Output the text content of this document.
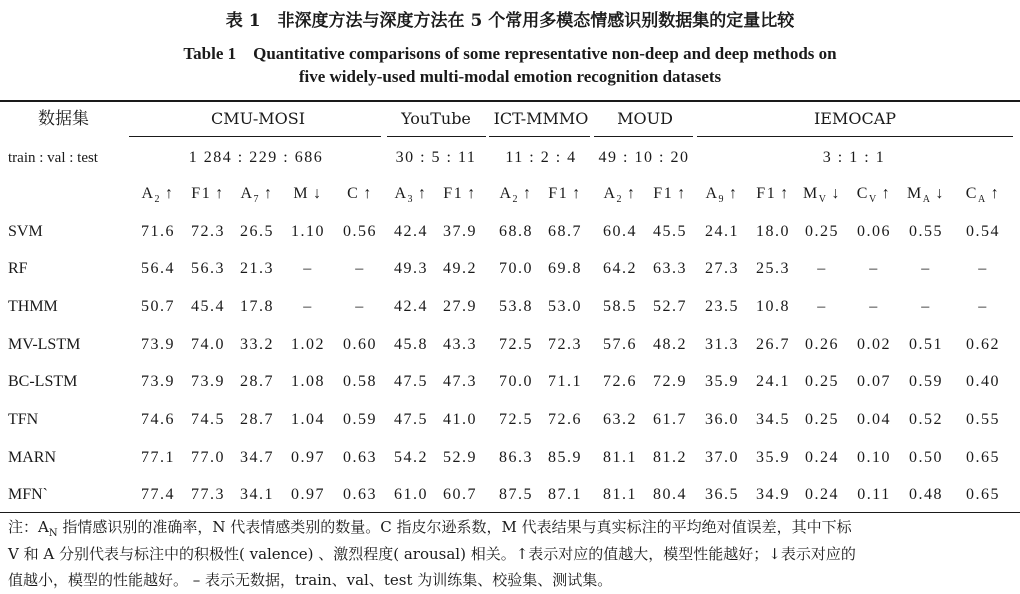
表 1　非深度方法与深度方法在 5 个常用多模态情感识别数据集的定量比较
Table 1　Quantitative comparisons of some representative non-deep and deep methods on
five widely-used multi-modal emotion recognition datasets
数据集	CMU-MOSI	YouTube ICT-MMMO MOUD	IEMOCAP
train : val : test	1 284 : 229 : 686	30 : 5 : 11 11 : 2 : 4 49 : 10 : 20	3 : 1 : 1
$A_2$ ↑ F1 ↑ $A_7$ ↑ M ↓ C ↑ $A_3$ ↑ F1 ↑ $A_2$ ↑ F1 ↑ $A_2$ ↑ F1 ↑ $A_9$ ↑ F1 ↑ $M_V$ ↓ $C_V$ ↑ $M_A$ ↓ $C_A$ ↑
SVM	71.6 72.3 26.5 1.10 0.56 42.4 37.9 68.8 68.7 60.4 45.5 24.1 18.0 0.25 0.06 0.55 0.54
RF	56.4 56.3 21.3 –	– 49.3 49.2 70.0 69.8 64.2 63.3 27.3 25.3 –	–	–	–
THMM	50.7 45.4 17.8 –	– 42.4 27.9 53.8 53.0 58.5 52.7 23.5 10.8 –	–	–	–
MV-LSTM	73.9 74.0 33.2 1.02 0.60 45.8 43.3 72.5 72.3 57.6 48.2 31.3 26.7 0.26 0.02 0.51 0.62
BC-LSTM	73.9 73.9 28.7 1.08 0.58 47.5 47.3 70.0 71.1 72.6 72.9 35.9 24.1 0.25 0.07 0.59 0.40
TFN	74.6 74.5 28.7 1.04 0.59 47.5 41.0 72.5 72.6 63.2 61.7 36.0 34.5 0.25 0.04 0.52 0.55
MARN	77.1 77.0 34.7 0.97 0.63 54.2 52.9 86.3 85.9 81.1 81.2 37.0 35.9 0.24 0.10 0.50 0.65
MFN`	77.4 77.3 34.1 0.97 0.63 61.0 60.7 87.5 87.1 81.1 80.4 36.5 34.9 0.24 0.11 0.48 0.65
注：$A_N$ 指情感识别的准确率，N 代表情感类别的数量。C 指皮尔逊系数，M 代表结果与真实标注的平均绝对值误差，其中下标
V 和 A 分别代表与标注中的积极性( valence) 、激烈程度( arousal) 相关。↑表示对应的值越大，模型性能越好；↓表示对应的
值越小，模型的性能越好。 – 表示无数据，train、val、test 为训练集、校验集、测试集。
